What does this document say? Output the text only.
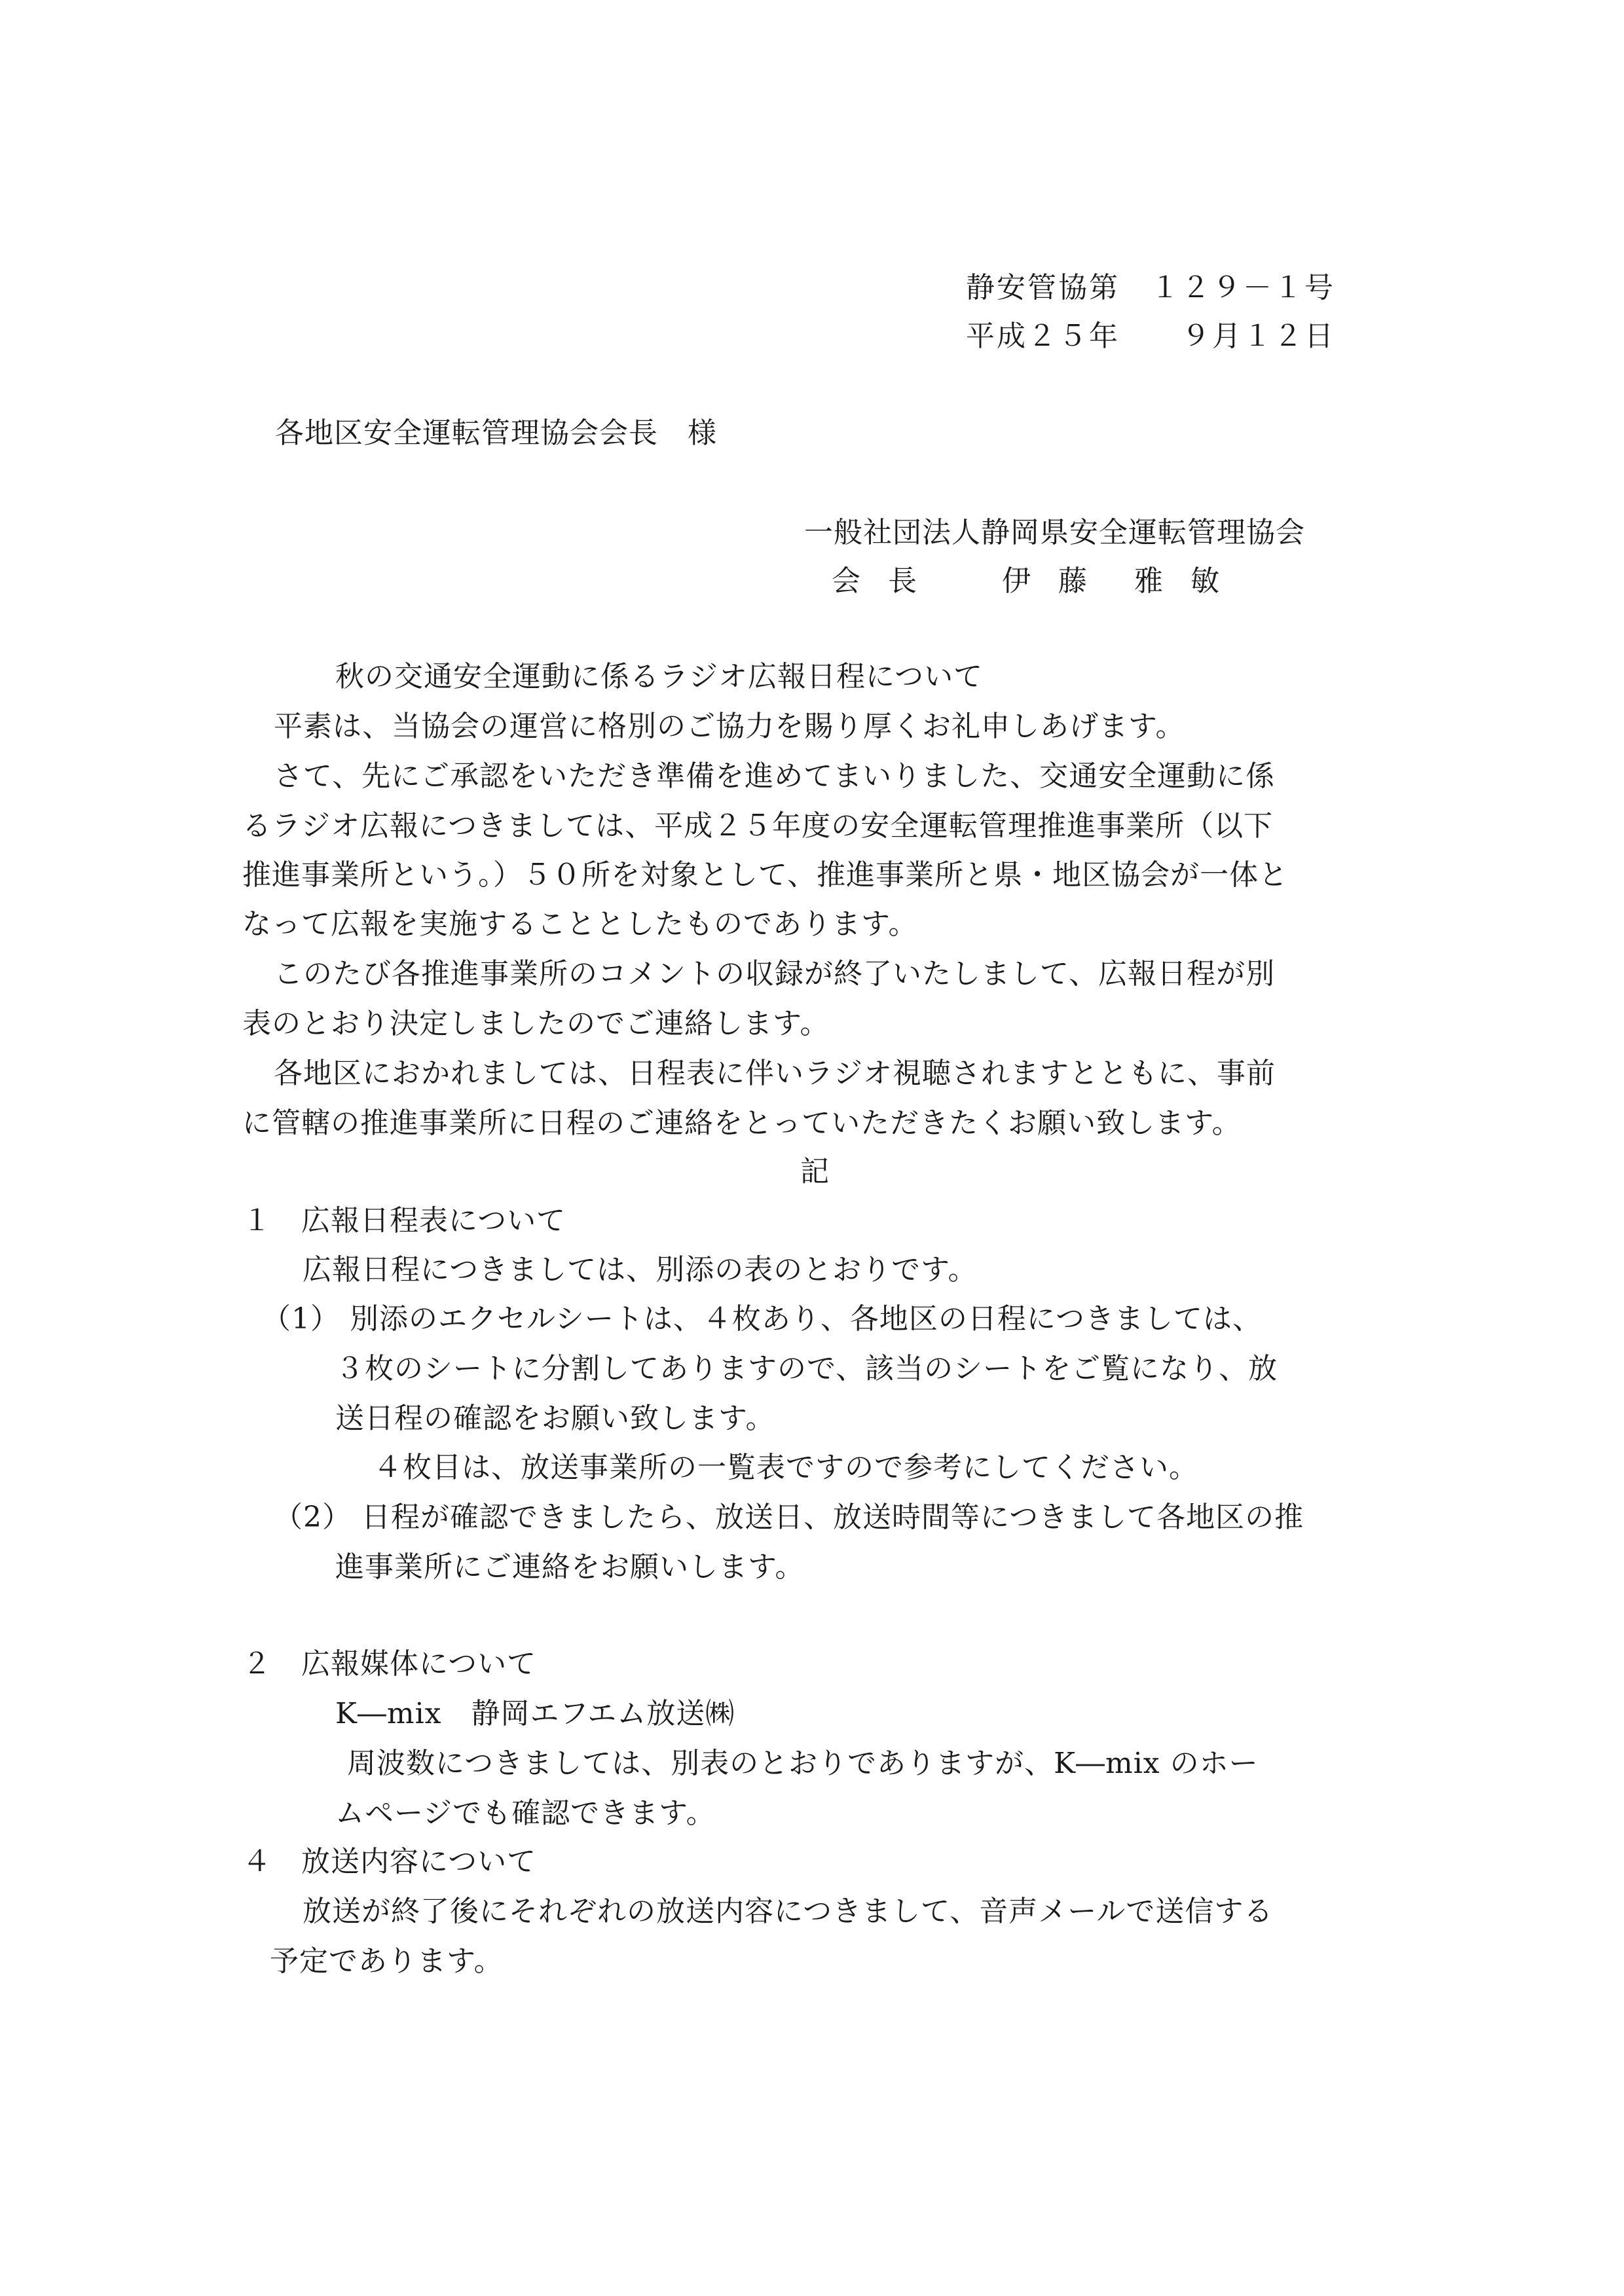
静安管協第　１２９－１号
平成２５年　　９月１２日
各地区安全運転管理協会会長　様
一般社団法人静岡県安全運転管理協会
会 長　　伊 藤　雅 敏
秋の交通安全運動に係るラジオ広報日程について
平素は、当協会の運営に格別のご協力を賜り厚くお礼申しあげます。
さて、先にご承認をいただき準備を進めてまいりました、交通安全運動に係
るラジオ広報につきましては、平成２５年度の安全運転管理推進事業所（以下
推進事業所という。）５０所を対象として、推進事業所と県・地区協会が一体と
なって広報を実施することとしたものであります。
このたび各推進事業所のコメントの収録が終了いたしまして、広報日程が別
表のとおり決定しましたのでご連絡します。
各地区におかれましては、日程表に伴いラジオ視聴されますとともに、事前
に管轄の推進事業所に日程のご連絡をとっていただきたくお願い致します。
記
１　広報日程表について
広報日程につきましては、別添の表のとおりです。
（1） 別添のエクセルシートは、４枚あり、各地区の日程につきましては、
３枚のシートに分割してありますので、該当のシートをご覧になり、放
送日程の確認をお願い致します。
４枚目は、放送事業所の一覧表ですので参考にしてください。
（2） 日程が確認できましたら、放送日、放送時間等につきまして各地区の推
進事業所にご連絡をお願いします。
２　広報媒体について
K―mix　静岡エフエム放送㈱
周波数につきましては、別表のとおりでありますが、K―mix のホー
ムページでも確認できます。
４　放送内容について
放送が終了後にそれぞれの放送内容につきまして、音声メールで送信する
予定であります。
